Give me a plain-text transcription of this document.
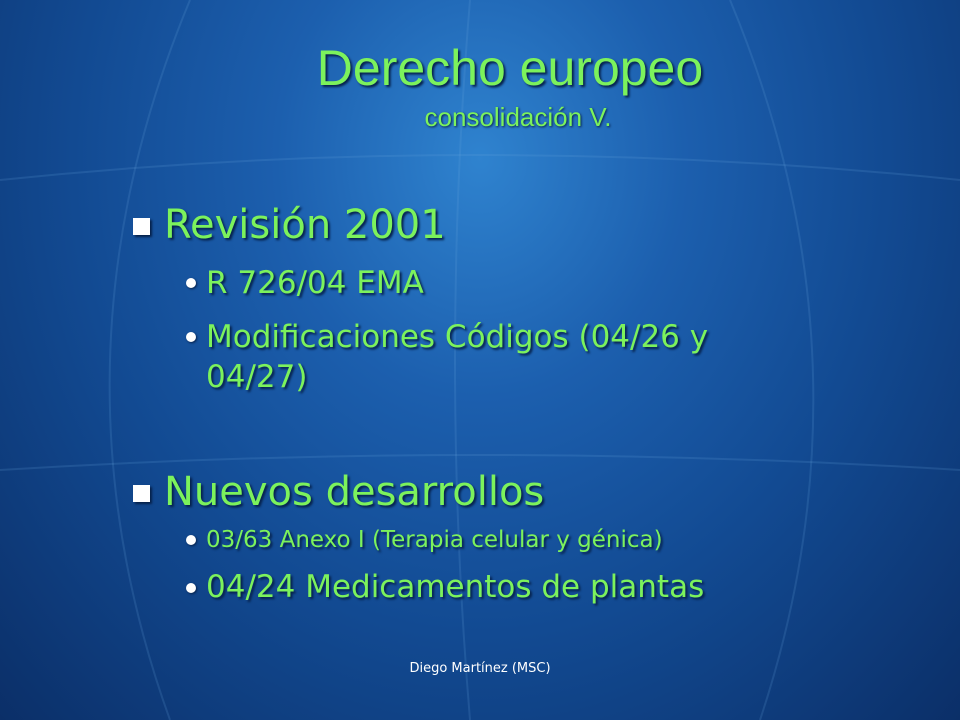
Derecho europeo
consolidación V.
Revisión 2001
R 726/04 EMA
Modificaciones Códigos (04/26 y
04/27)
Nuevos desarrollos
03/63 Anexo I (Terapia celular y génica)
04/24 Medicamentos de plantas
Diego Martínez (MSC)
